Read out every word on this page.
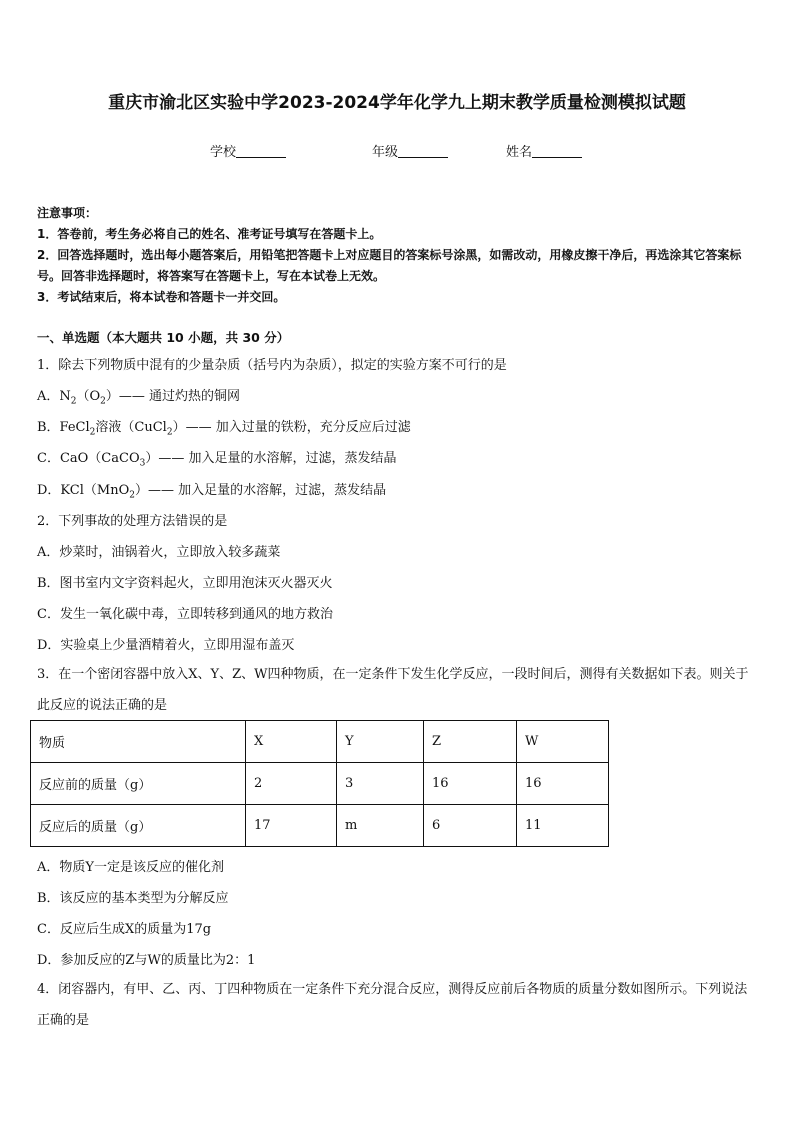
重庆市渝北区实验中学2023-2024学年化学九上期末教学质量检测模拟试题
学校	年级	姓名
注意事项：
1．答卷前，考生务必将自己的姓名、准考证号填写在答题卡上。
2．回答选择题时，选出每小题答案后，用铅笔把答题卡上对应题目的答案标号涂黑，如需改动，用橡皮擦干净后，再选涂其它答案标号。回答非选择题时，将答案写在答题卡上，写在本试卷上无效。
3．考试结束后，将本试卷和答题卡一并交回。
一、单选题（本大题共 10 小题，共 30 分）
1．除去下列物质中混有的少量杂质（括号内为杂质），拟定的实验方案不可行的是
A．$N_2(O_2)——$ 通过灼热的铜网
B．FeCl$_2$溶液（CuCl$_2$）—— 加入过量的铁粉，充分反应后过滤
C．CaO（CaCO$_3$）—— 加入足量的水溶解，过滤，蒸发结晶
D．KCl（MnO$_2$）—— 加入足量的水溶解，过滤，蒸发结晶
2．下列事故的处理方法错误的是
A．炒菜时，油锅着火，立即放入较多蔬菜
B．图书室内文字资料起火，立即用泡沫灭火器灭火
C．发生一氧化碳中毒，立即转移到通风的地方救治
D．实验桌上少量酒精着火，立即用湿布盖灭
3．在一个密闭容器中放入X、Y、Z、W四种物质，在一定条件下发生化学反应，一段时间后，测得有关数据如下表。则关于此反应的说法正确的是
物质	X	Y	Z	W
反应前的质量（g）	2	3	16	16
反应后的质量（g）	17	m	6	11
A．物质Y一定是该反应的催化剂
B．该反应的基本类型为分解反应
C．反应后生成X的质量为17g
D．参加反应的Z与W的质量比为2：1
4．闭容器内，有甲、乙、丙、丁四种物质在一定条件下充分混合反应，测得反应前后各物质的质量分数如图所示。下列说法正确的是
